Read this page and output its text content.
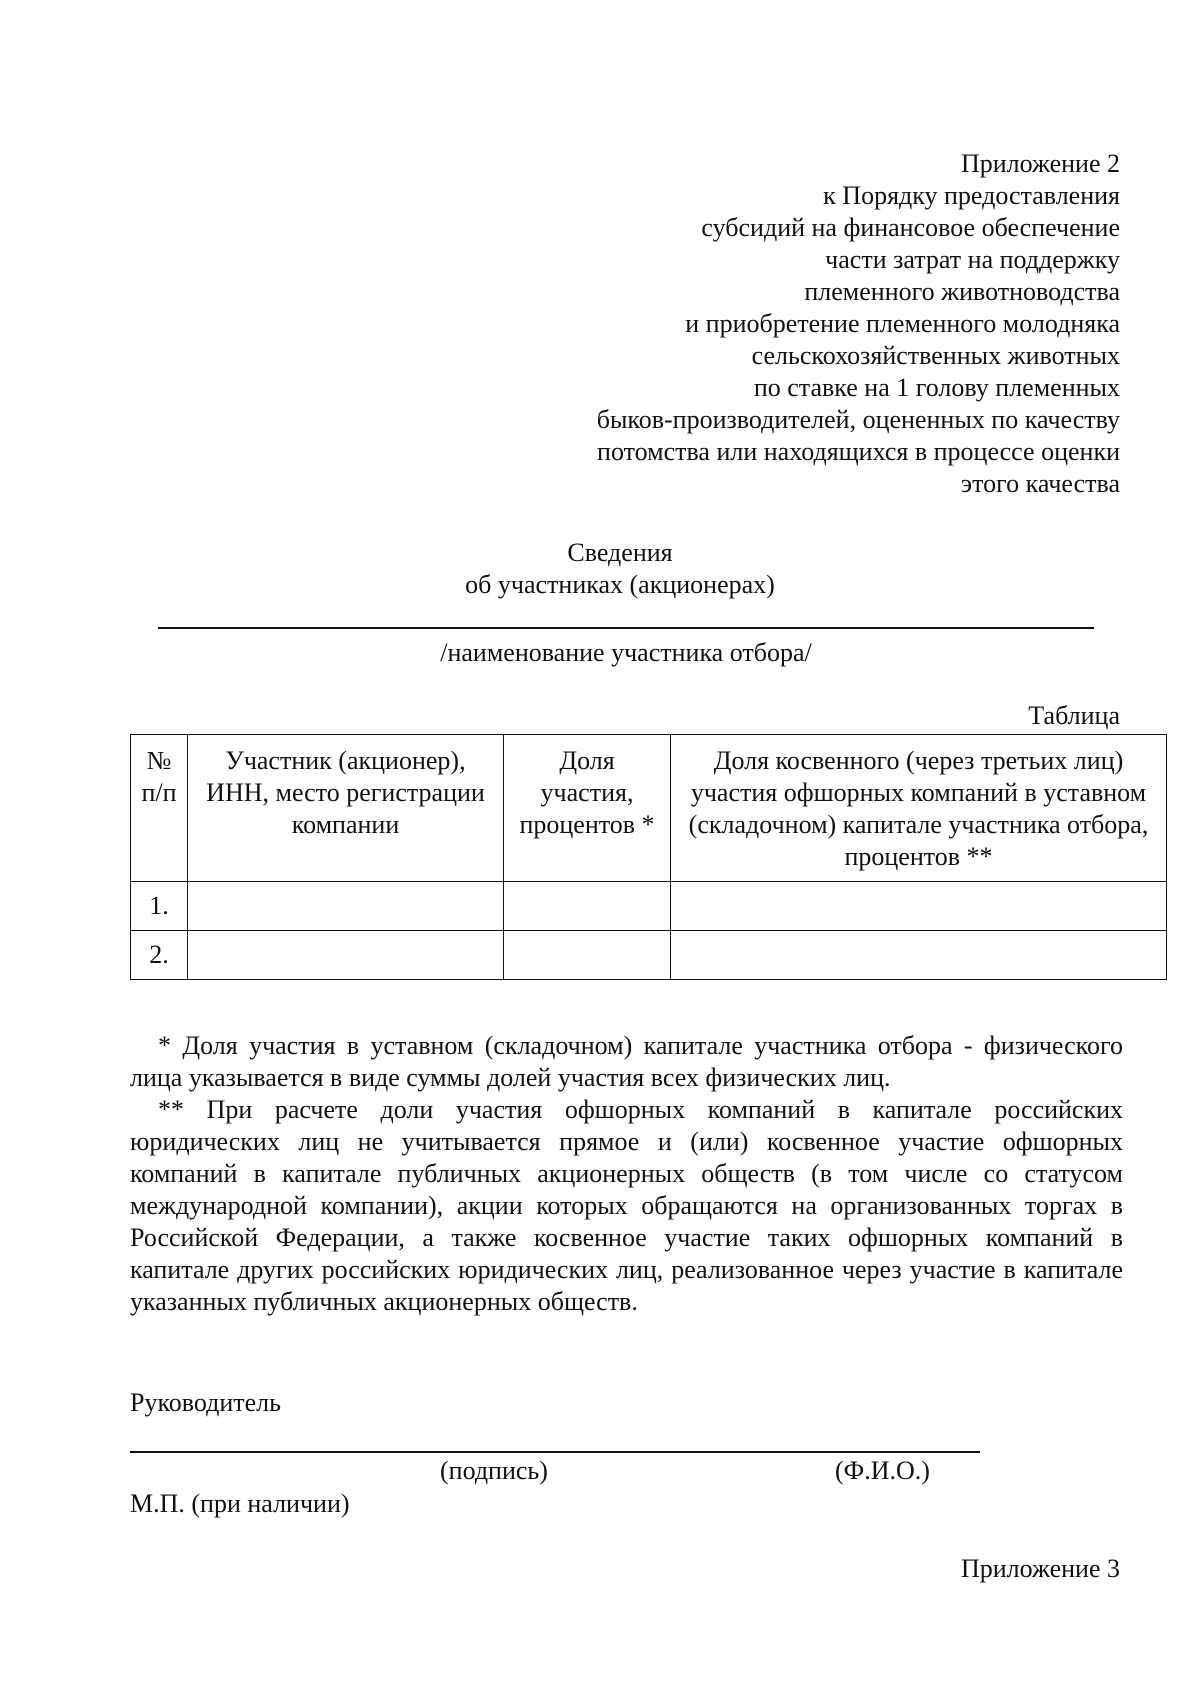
Приложение 2
к Порядку предоставления
субсидий на финансовое обеспечение
части затрат на поддержку
племенного животноводства
и приобретение племенного молодняка
сельскохозяйственных животных
по ставке на 1 голову племенных
быков-производителей, оцененных по качеству
потомства или находящихся в процессе оценки
этого качества
Сведения
об участниках (акционерах)
/наименование участника отбора/
Таблица
№ п/п	Участник (акционер), ИНН, место регистрации компании	Доля участия, процентов *	Доля косвенного (через третьих лиц) участия офшорных компаний в уставном (складочном) капитале участника отбора, процентов **
1.			
2.			

* Доля участия в уставном (складочном) капитале участника отбора - физического лица указывается в виде суммы долей участия всех физических лиц.

** При расчете доли участия офшорных компаний в капитале российских юридических лиц не учитывается прямое и (или) косвенное участие офшорных компаний в капитале публичных акционерных обществ (в том числе со статусом международной компании), акции которых обращаются на организованных торгах в Российской Федерации, а также косвенное участие таких офшорных компаний в капитале других российских юридических лиц, реализованное через участие в капитале указанных публичных акционерных обществ.

Руководитель
(подпись)	(Ф.И.О.)
М.П. (при наличии)
Приложение 3
